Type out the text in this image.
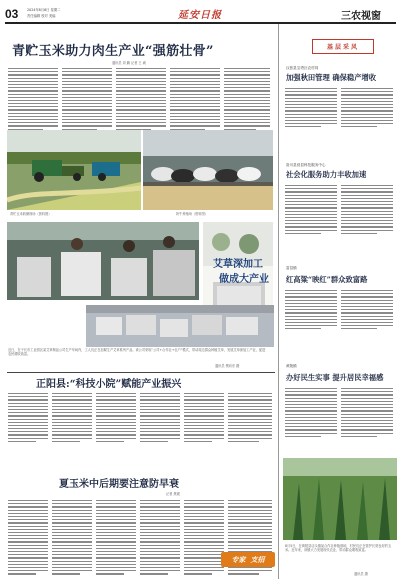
03	2024年8月6日 星期二
责任编辑 校对 美编	延安日报	三农视窗
青贮玉米助力肉生产业“强筋壮骨”
通讯员 刘 鹏 记者 王 诚
青贮玉米收储现场（资料图）	奶牛养殖场（资料图）
艾草深加工
做成大产业
近日，在子长市工业园区某艾草制品公司生产车间内，工人们正在加紧生产艾草系列产品。该公司采取“公司+合作社+农户”模式，带动周边群众种植艾草，发展艾草深加工产业，促进农民增收致富。
通讯员 樊向东 摄
正阳县:“科技小院”赋能产业振兴
夏玉米中后期要注意防早衰
记者 焦媛
基层采风
汉张县宝塔区农村同
加强秋田管理 确保稳产增收
洛川县营县科技服务中心
社会化服务助力丰收加速
富县镇
红高粱“映红”群众致富路
黄陵镇
办好民生实事 提升居民幸福感
8月5日，在黄陵县店头镇某合作社种植基地，村民们正在管护长势良好的玉米。近年来，该镇大力发展现代农业，带动群众增收致富。
通讯员 摄
专家 支招
